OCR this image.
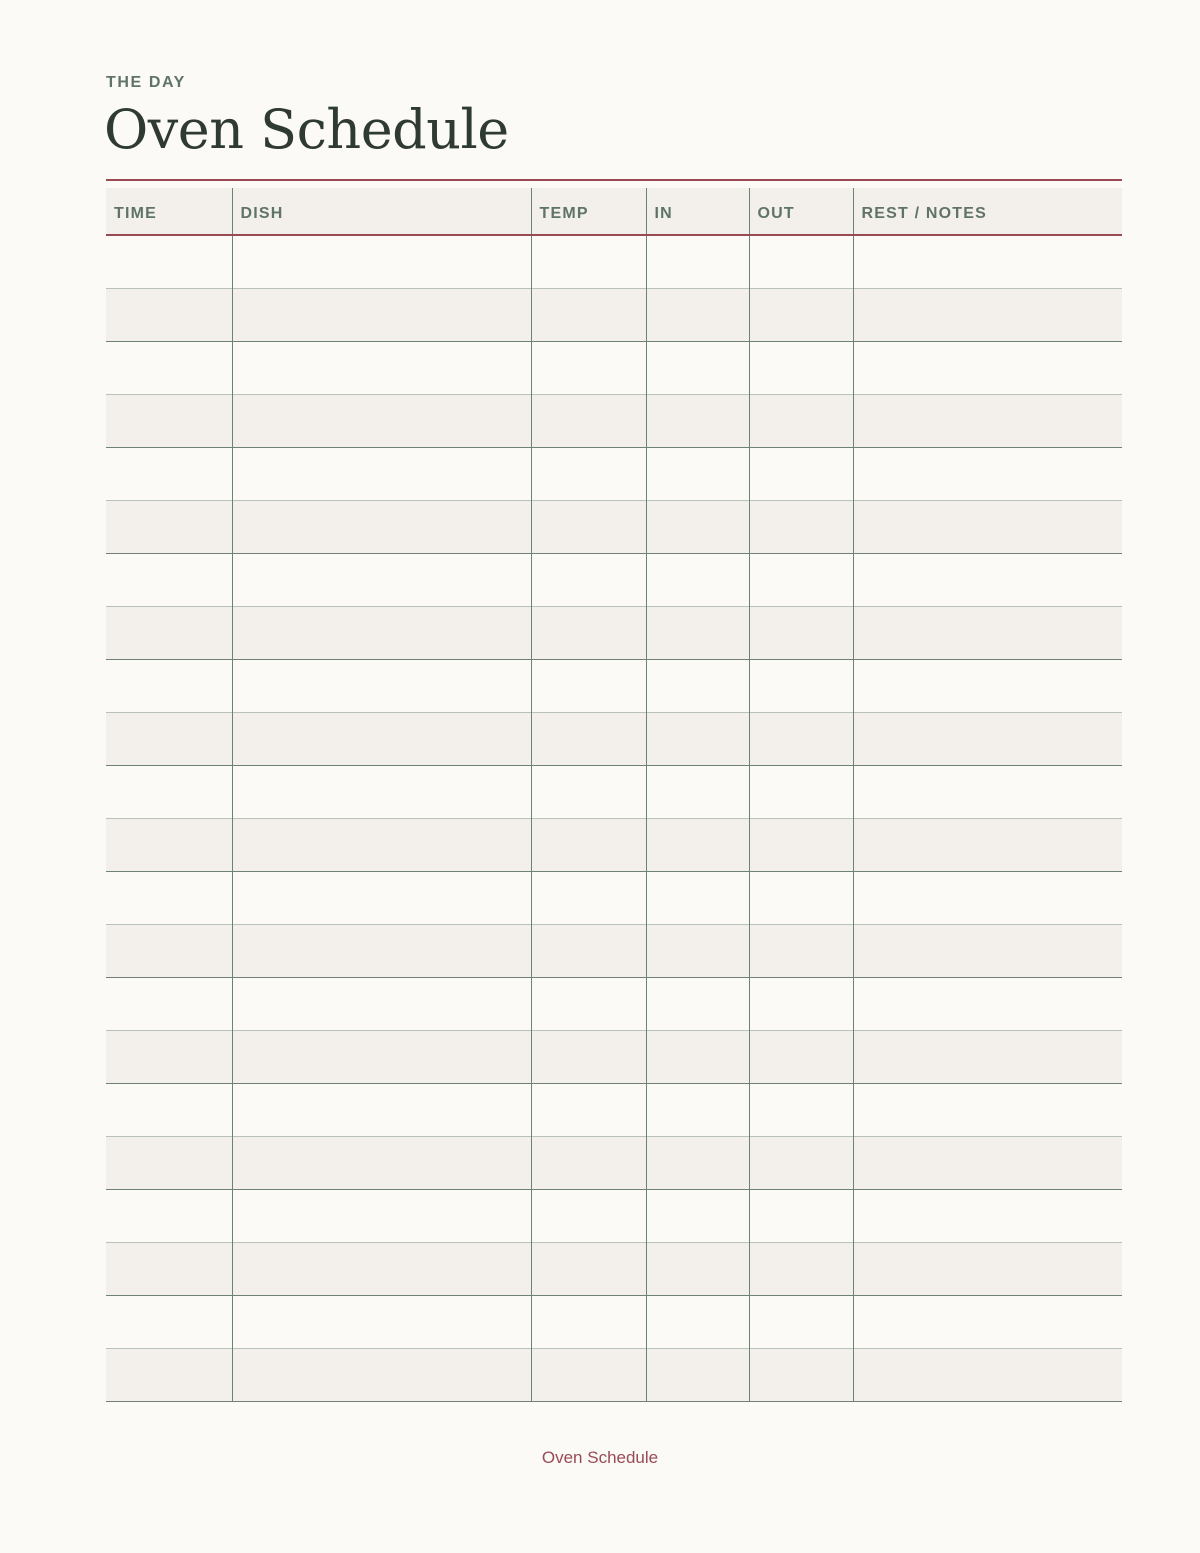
THE DAY
Oven Schedule

TIME	DISH	TEMP	IN	OUT	REST / NOTES

Oven Schedule
